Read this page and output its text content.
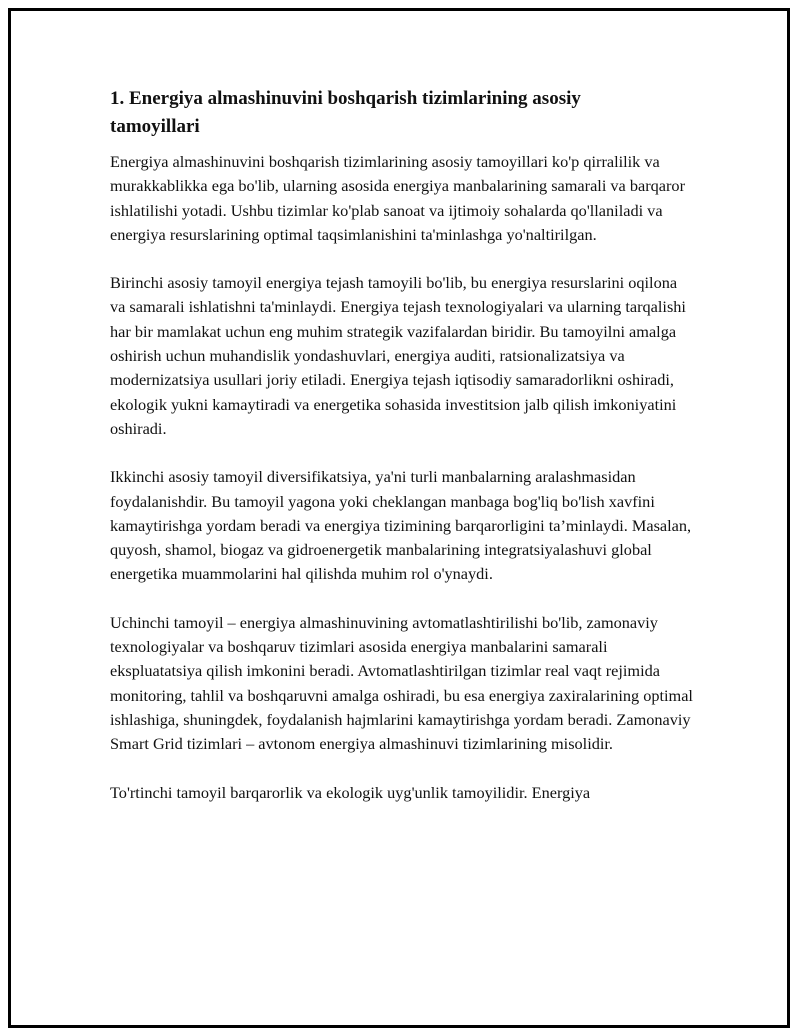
1. Energiya almashinuvini boshqarish tizimlarining asosiy tamoyillari

Energiya almashinuvini boshqarish tizimlarining asosiy tamoyillari ko'p qirralilik va murakkablikka ega bo'lib, ularning asosida energiya manbalarining samarali va barqaror ishlatilishi yotadi. Ushbu tizimlar ko'plab sanoat va ijtimoiy sohalarda qo'llaniladi va energiya resurslarining optimal taqsimlanishini ta'minlashga yo'naltirilgan.

Birinchi asosiy tamoyil energiya tejash tamoyili bo'lib, bu energiya resurslarini oqilona va samarali ishlatishni ta'minlaydi. Energiya tejash texnologiyalari va ularning tarqalishi har bir mamlakat uchun eng muhim strategik vazifalardan biridir. Bu tamoyilni amalga oshirish uchun muhandislik yondashuvlari, energiya auditi, ratsionalizatsiya va modernizatsiya usullari joriy etiladi. Energiya tejash iqtisodiy samaradorlikni oshiradi, ekologik yukni kamaytiradi va energetika sohasida investitsion jalb qilish imkoniyatini oshiradi.

Ikkinchi asosiy tamoyil diversifikatsiya, ya'ni turli manbalarning aralashmasidan foydalanishdir. Bu tamoyil yagona yoki cheklangan manbaga bog'liq bo'lish xavfini kamaytirishga yordam beradi va energiya tizimining barqarorligini ta’minlaydi. Masalan, quyosh, shamol, biogaz va gidroenergetik manbalarining integratsiyalashuvi global energetika muammolarini hal qilishda muhim rol o'ynaydi.

Uchinchi tamoyil – energiya almashinuvining avtomatlashtirilishi bo'lib, zamonaviy texnologiyalar va boshqaruv tizimlari asosida energiya manbalarini samarali ekspluatatsiya qilish imkonini beradi. Avtomatlashtirilgan tizimlar real vaqt rejimida monitoring, tahlil va boshqaruvni amalga oshiradi, bu esa energiya zaxiralarining optimal ishlashiga, shuningdek, foydalanish hajmlarini kamaytirishga yordam beradi. Zamonaviy Smart Grid tizimlari – avtonom energiya almashinuvi tizimlarining misolidir.

To'rtinchi tamoyil barqarorlik va ekologik uyg'unlik tamoyilidir. Energiya
